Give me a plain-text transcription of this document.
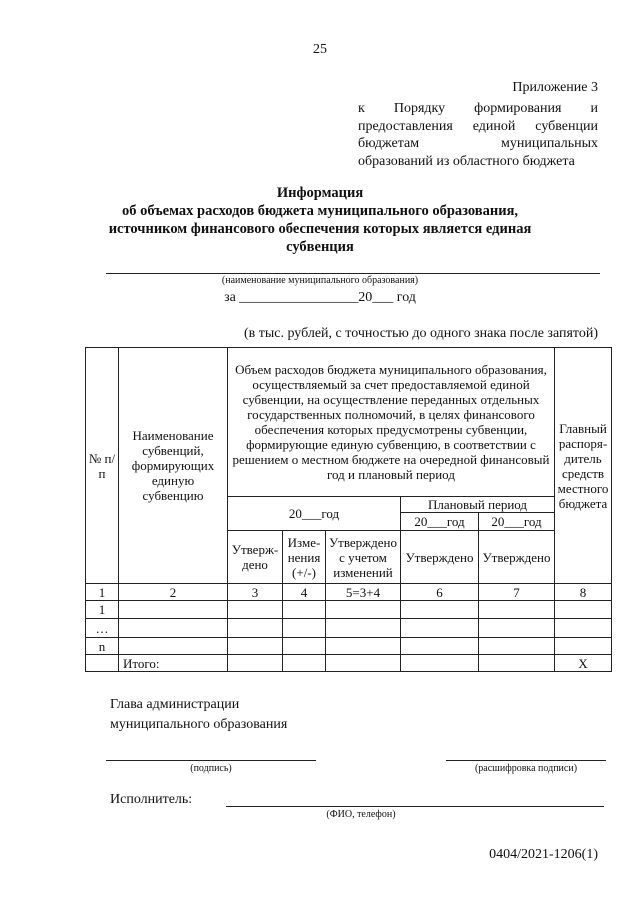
25
Приложение 3
к Порядку формирования и предоставления единой субвенции бюджетам муниципальных
образований из областного бюджета
Информация
об объемах расходов бюджета муниципального образования,
источником финансового обеспечения которых является единая
субвенция
(наименование муниципального образования)
за _________________20___ год
(в тыс. рублей, с точностью до одного знака после запятой)
№ п/п	Наименование субвенций, формирующих единую субвенцию	Объем расходов бюджета муниципального образования, осуществляемый за счет предоставляемой единой субвенции, на осуществление переданных отдельных государственных полномочий, в целях финансового обеспечения которых предусмотрены субвенции, формирующие единую субвенцию, в соответствии с решением о местном бюджете на очередной финансовый год и плановый период					Главный распоря-дитель средств местного бюджета
		20___год			Плановый период		
					20___год	20___год	
		Утверж-дено	Изме-нения (+/-)	Утверждено с учетом изменений	Утверждено	Утверждено	
1	2	3	4	5=3+4	6	7	8
1							
…							
n							
	Итого:						X
Глава администрации
муниципального образования
(подпись)	(расшифровка подписи)
Исполнитель:
(ФИО, телефон)
0404/2021-1206(1)
